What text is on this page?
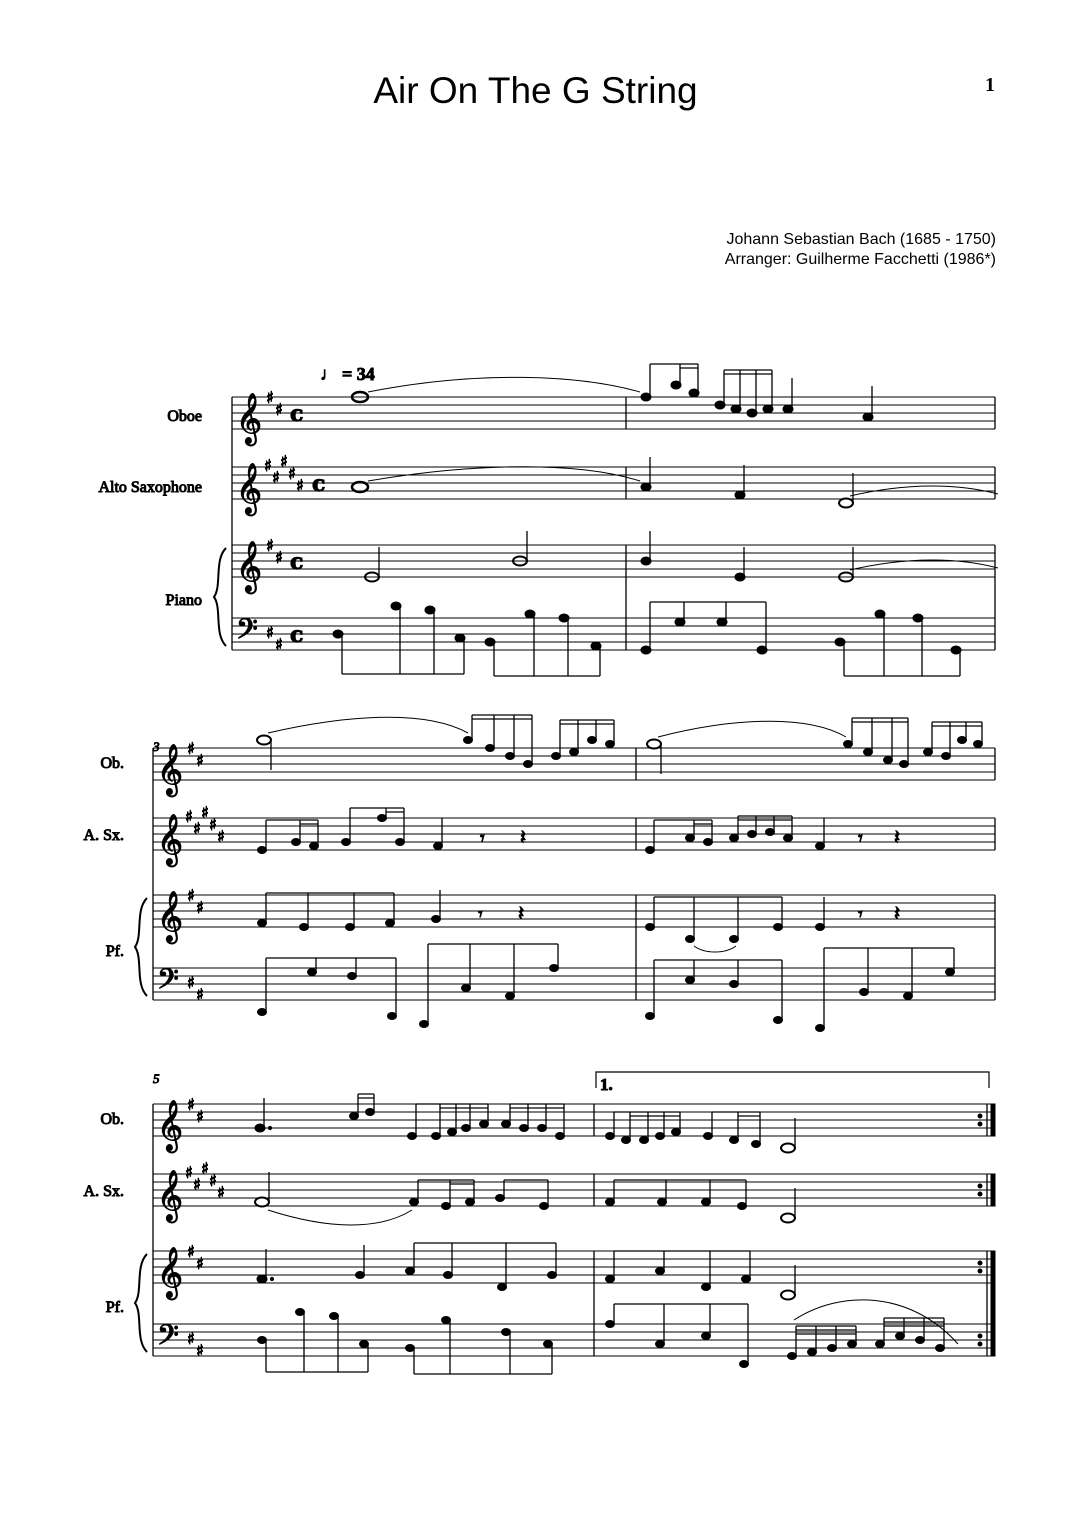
Air On The G String	1
Johann Sebastian Bach (1685 - 1750)
Arranger: Guilherme Facchetti (1986*)
♩ = 34
Oboe
Alto Saxophone
Piano
𝄞
𝄞
𝄞
𝄢
♯
♯
♯
♯
♯
♯
♯
♯
♯
♯
♯
c
c
c
c
3
Ob.
A. Sx.
Pf.
𝄞
𝄞
𝄞
𝄢
♯
♯
♯
♯
♯
♯
♯
♯
♯
♯
♯	𝄾 𝄽	𝄾 𝄽
𝄾 𝄽	𝄾 𝄽
5
Ob.
A. Sx.
Pf.
1.
𝄞
𝄞
𝄞
𝄢
♯
♯
♯
♯
♯
♯
♯
♯
♯
♯
♯
